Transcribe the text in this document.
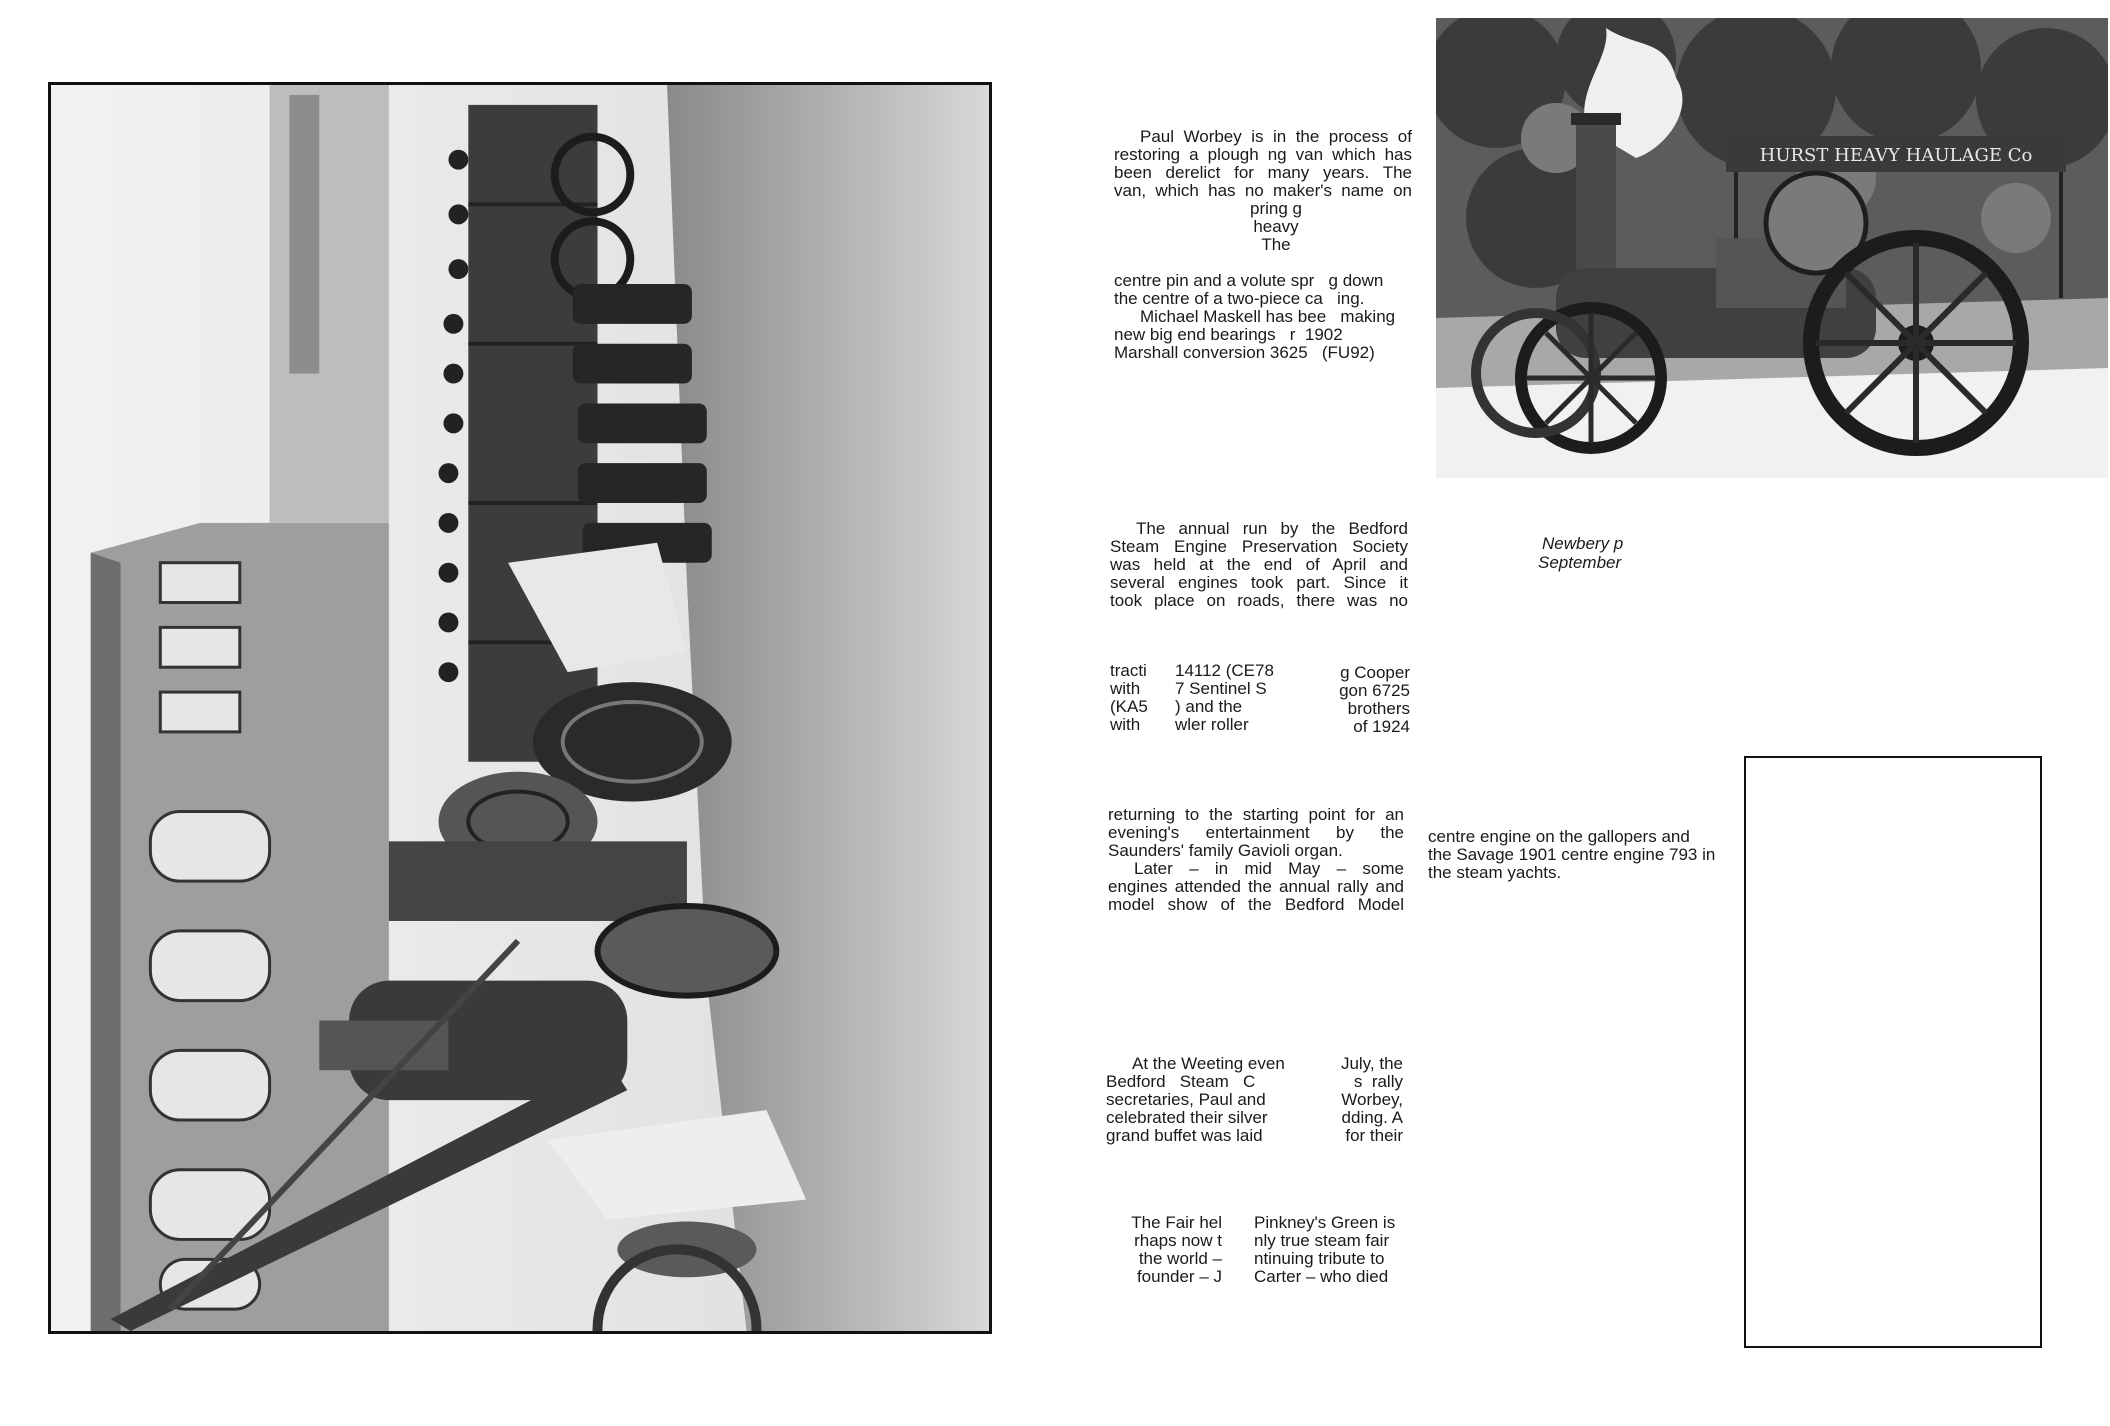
HURST HEAVY HAULAGE Co

Paul Worbey is in the process of

restoring a plough ng van which has

been derelict for many years. The

van, which has no maker's name on

pring g

heavy

The

centre pin and a volute spr   g down

the centre of a two-piece ca   ing.

Michael Maskell has bee   making

new big end bearings   r  1902

Marshall conversion 3625   (FU92)

The annual run by the Bedford

Steam Engine Preservation Society

was held at the end of April and

several engines took part. Since it

took place on roads, there was no

tracti

with

(KA5

with

14112 (CE78

7 Sentinel S

) and the

wler roller

g Cooper

gon 6725

brothers

of 1924

returning to the starting point for an

evening's entertainment by the

Saunders' family Gavioli organ.

Later – in mid May – some

engines attended the annual rally and

model show of the Bedford Model

At the Weeting even

Bedford   Steam   C

secretaries, Paul and

celebrated their silver

grand buffet was laid

July, the

s  rally

Worbey,

dding. A

for their

The Fair hel

rhaps now t

the world –

founder – J

Pinkney's Green is

nly true steam fair

ntinuing tribute to

Carter – who died

Newbery p
September

centre engine on the gallopers and

the Savage 1901 centre engine 793 in

the steam yachts.
